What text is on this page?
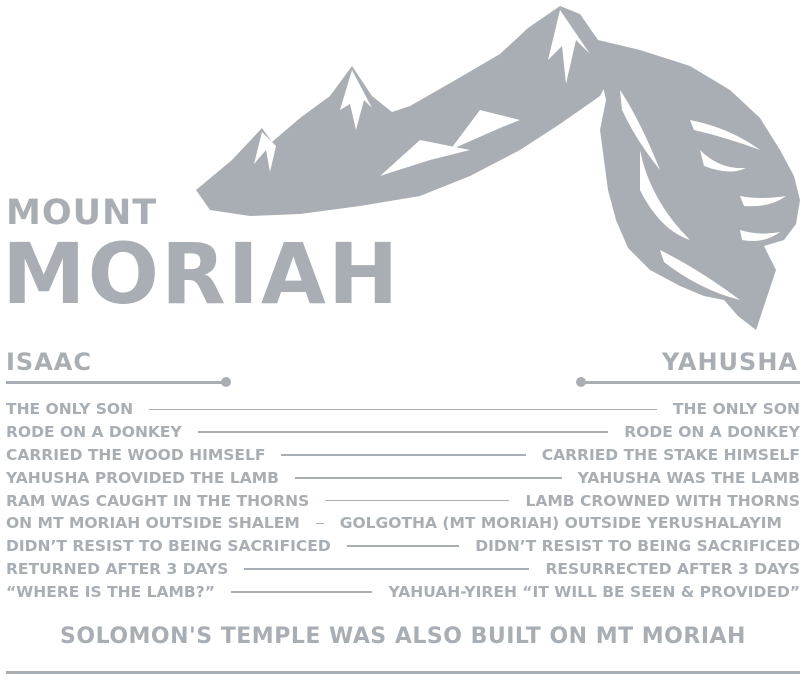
MOUNT
MORIAH
ISAAC	YAHUSHA
THE ONLY SON	THE ONLY SON
RODE ON A DONKEY	RODE ON A DONKEY
CARRIED THE WOOD HIMSELF	CARRIED THE STAKE HIMSELF
YAHUSHA PROVIDED THE LAMB	YAHUSHA WAS THE LAMB
RAM WAS CAUGHT IN THE THORNS	LAMB CROWNED WITH THORNS
ON MT MORIAH OUTSIDE SHALEM	GOLGOTHA (MT MORIAH) OUTSIDE YERUSHALAYIM
DIDN’T RESIST TO BEING SACRIFICED	DIDN’T RESIST TO BEING SACRIFICED
RETURNED AFTER 3 DAYS	RESURRECTED AFTER 3 DAYS
“WHERE IS THE LAMB?”	YAHUAH-YIREH “IT WILL BE SEEN & PROVIDED”
SOLOMON'S TEMPLE WAS ALSO BUILT ON MT MORIAH
